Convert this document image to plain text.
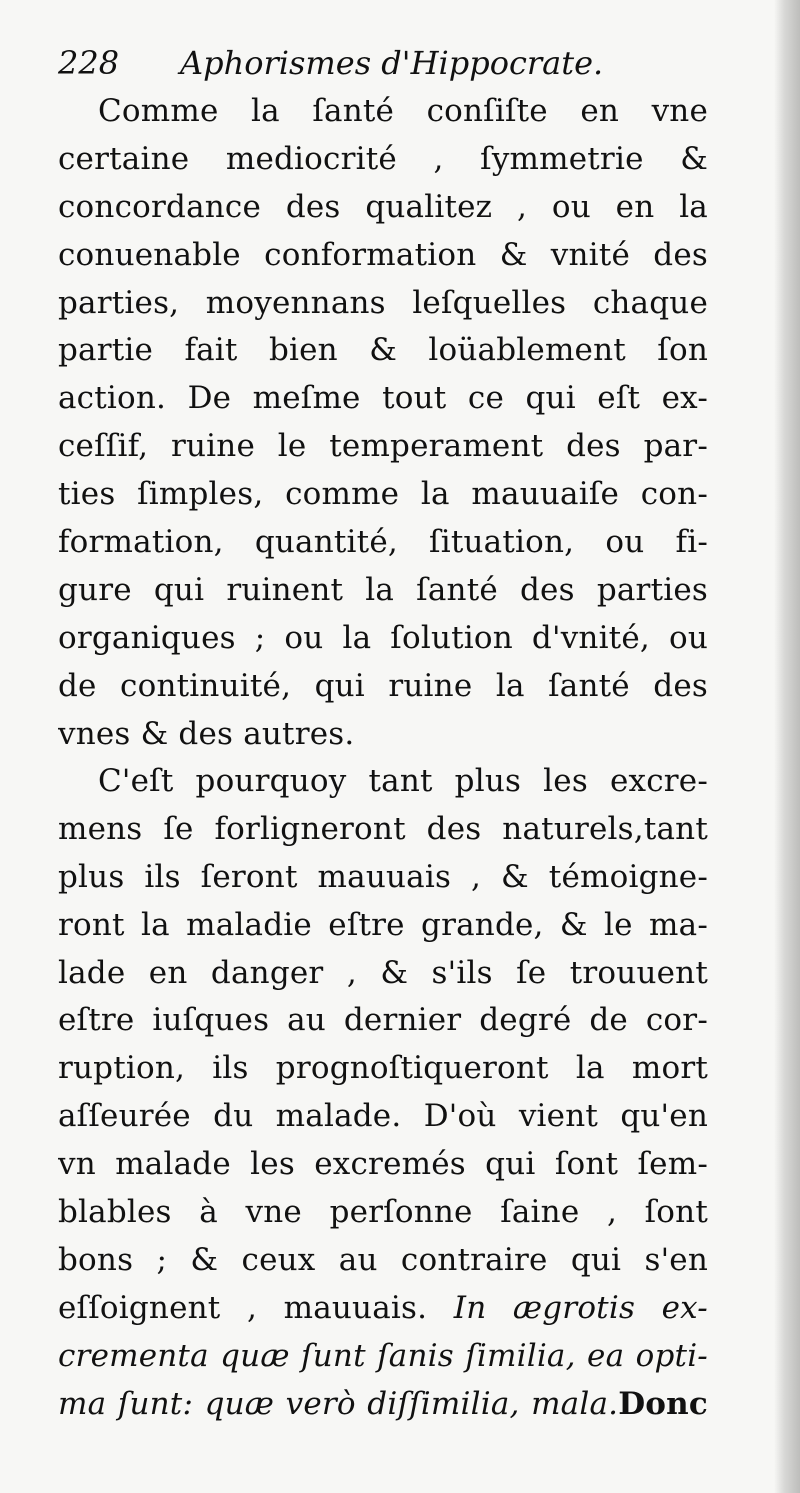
228 Aphorismes d'Hippocrate.

Comme la ſanté conſiſte en vne
certaine mediocrité , ſymmetrie &
concordance des qualitez , ou en la
conuenable conformation & vnité des
parties, moyennans leſquelles chaque
partie fait bien & loüablement ſon
action. De meſme tout ce qui eſt ex-
ceſſif, ruine le temperament des par-
ties ſimples, comme la mauuaiſe con-
formation, quantité, ſituation, ou fi-
gure qui ruinent la ſanté des parties
organiques ; ou la ſolution d'vnité, ou
de continuité, qui ruine la ſanté des
vnes & des autres.

C'eſt pourquoy tant plus les excre-
mens ſe forligneront des naturels,tant
plus ils ſeront mauuais , & témoigne-
ront la maladie eſtre grande, & le ma-
lade en danger , & s'ils ſe trouuent
eſtre iuſques au dernier degré de cor-
ruption, ils prognoſtiqueront la mort
aſſeurée du malade. D'où vient qu'en
vn malade les excremés qui ſont ſem-
blables à vne perſonne ſaine , ſont
bons ; & ceux au contraire qui s'en
eſſoignent , mauuais. In ægrotis ex-
crementa quæ ſunt ſanis ſimilia, ea opti-
ma ſunt: quæ verò diſſimilia, mala.Donc
